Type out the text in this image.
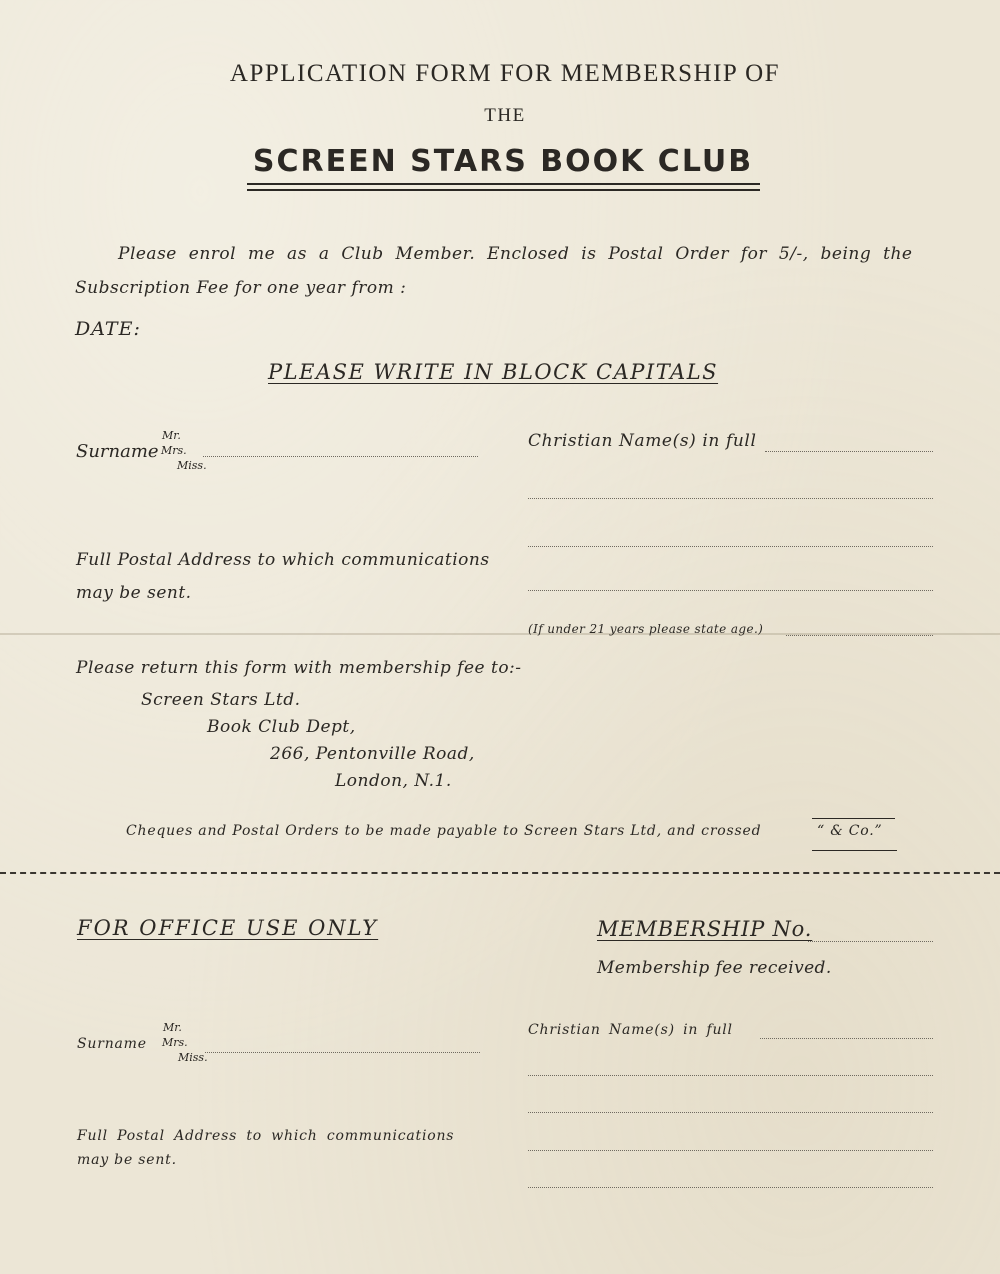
APPLICATION FORM FOR MEMBERSHIP OF
THE
SCREEN STARS BOOK CLUB
Please enrol me as a Club Member. Enclosed is Postal Order for 5/-, being the
Subscription Fee for one year from :
DATE:
PLEASE WRITE IN BLOCK CAPITALS
Surname
Mr.
Mrs.
Miss.
Christian Name(s) in full
Full Postal Address to which communications
may be sent.
(If under 21 years please state age.)
Please return this form with membership fee to:-
Screen Stars Ltd.
Book Club Dept,
266, Pentonville Road,
London, N.1.
Cheques and Postal Orders to be made payable to Screen Stars Ltd, and crossed	“ & Co.”
FOR OFFICE USE ONLY	MEMBERSHIP No.
Membership fee received.
Surname
Mr.
Mrs.
Miss.
Christian Name(s) in full
Full Postal Address to which communications
may be sent.
